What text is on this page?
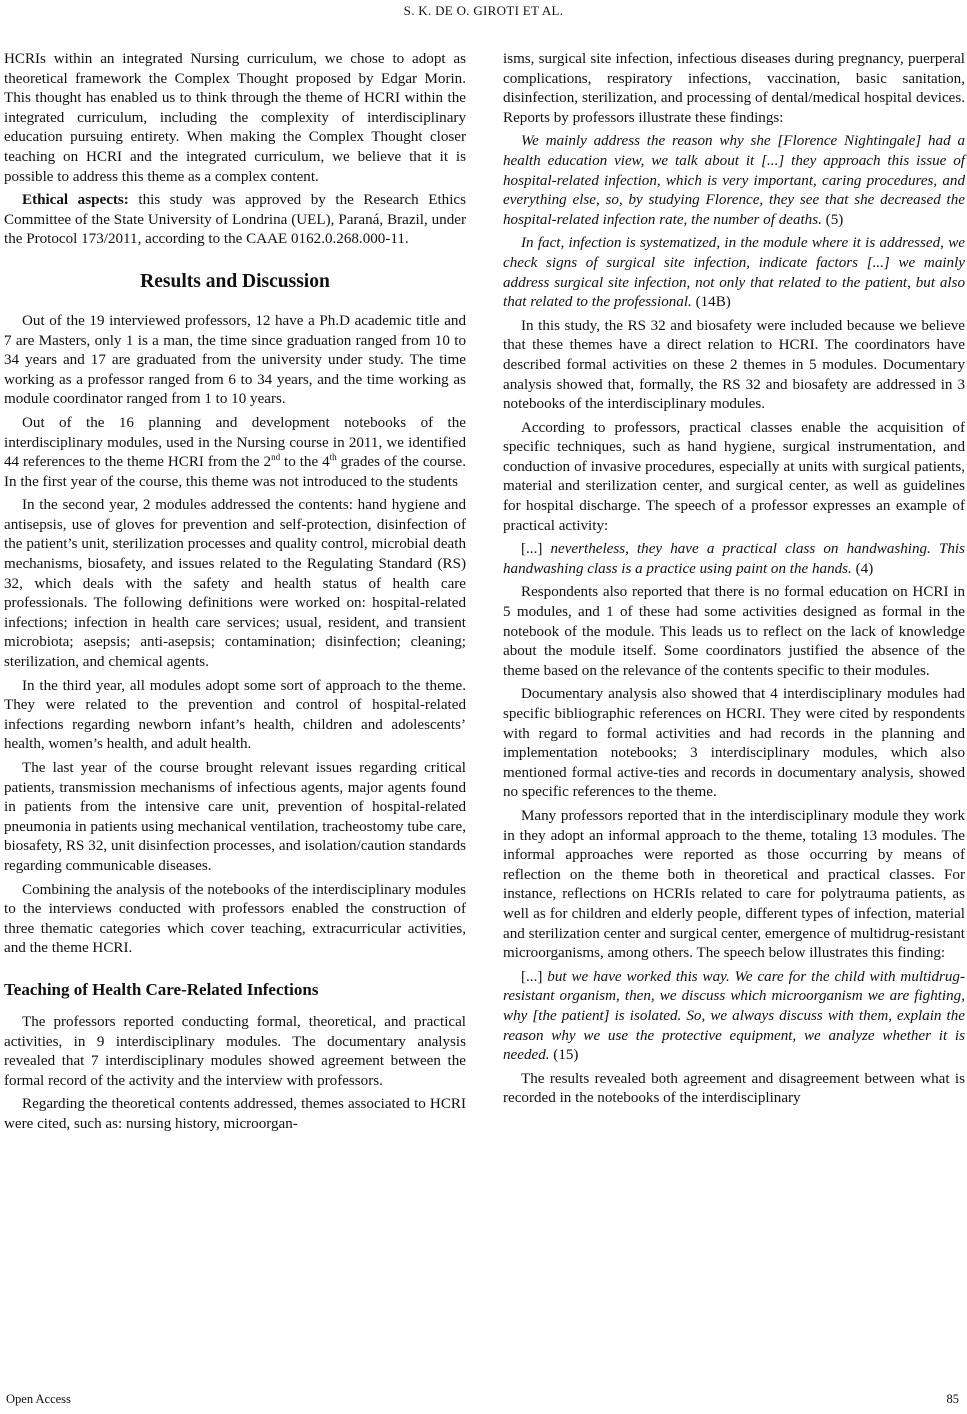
S. K. DE O. GIROTI ET AL.

HCRIs within an integrated Nursing curriculum, we chose to adopt as theoretical framework the Complex Thought proposed by Edgar Morin. This thought has enabled us to think through the theme of HCRI within the integrated curriculum, including the complexity of interdisciplinary education pursuing entirety. When making the Complex Thought closer teaching on HCRI and the integrated curriculum, we believe that it is possible to address this theme as a complex content.

Ethical aspects: this study was approved by the Research Ethics Committee of the State University of Londrina (UEL), Paraná, Brazil, under the Protocol 173/2011, according to the CAAE 0162.0.268.000-11.

Results and Discussion

Out of the 19 interviewed professors, 12 have a Ph.D academic title and 7 are Masters, only 1 is a man, the time since graduation ranged from 10 to 34 years and 17 are graduated from the university under study. The time working as a professor ranged from 6 to 34 years, and the time working as module coordinator ranged from 1 to 10 years.

Out of the 16 planning and development notebooks of the interdisciplinary modules, used in the Nursing course in 2011, we identified 44 references to the theme HCRI from the 2nd to the 4th grades of the course. In the first year of the course, this theme was not introduced to the students

In the second year, 2 modules addressed the contents: hand hygiene and antisepsis, use of gloves for prevention and self-protection, disinfection of the patient’s unit, sterilization processes and quality control, microbial death mechanisms, biosafety, and issues related to the Regulating Standard (RS) 32, which deals with the safety and health status of health care professionals. The following definitions were worked on: hospital-related infections; infection in health care services; usual, resident, and transient microbiota; asepsis; anti-asepsis; contamination; disinfection; cleaning; sterilization, and chemical agents.

In the third year, all modules adopt some sort of approach to the theme. They were related to the prevention and control of hospital-related infections regarding newborn infant’s health, children and adolescents’ health, women’s health, and adult health.

The last year of the course brought relevant issues regarding critical patients, transmission mechanisms of infectious agents, major agents found in patients from the intensive care unit, prevention of hospital-related pneumonia in patients using mechanical ventilation, tracheostomy tube care, biosafety, RS 32, unit disinfection processes, and isolation/caution standards regarding communicable diseases.

Combining the analysis of the notebooks of the interdisciplinary modules to the interviews conducted with professors enabled the construction of three thematic categories which cover teaching, extracurricular activities, and the theme HCRI.

Teaching of Health Care-Related Infections

The professors reported conducting formal, theoretical, and practical activities, in 9 interdisciplinary modules. The documentary analysis revealed that 7 interdisciplinary modules showed agreement between the formal record of the activity and the interview with professors.

Regarding the theoretical contents addressed, themes associated to HCRI were cited, such as: nursing history, microorgan-

isms, surgical site infection, infectious diseases during pregnancy, puerperal complications, respiratory infections, vaccination, basic sanitation, disinfection, sterilization, and processing of dental/medical hospital devices. Reports by professors illustrate these findings:

We mainly address the reason why she [Florence Nightingale] had a health education view, we talk about it [...] they approach this issue of hospital-related infection, which is very important, caring procedures, and everything else, so, by studying Florence, they see that she decreased the hospital-related infection rate, the number of deaths. (5)

In fact, infection is systematized, in the module where it is addressed, we check signs of surgical site infection, indicate factors [...] we mainly address surgical site infection, not only that related to the patient, but also that related to the professional. (14B)

In this study, the RS 32 and biosafety were included because we believe that these themes have a direct relation to HCRI. The coordinators have described formal activities on these 2 themes in 5 modules. Documentary analysis showed that, formally, the RS 32 and biosafety are addressed in 3 notebooks of the interdisciplinary modules.

According to professors, practical classes enable the acquisition of specific techniques, such as hand hygiene, surgical instrumentation, and conduction of invasive procedures, especially at units with surgical patients, material and sterilization center, and surgical center, as well as guidelines for hospital discharge. The speech of a professor expresses an example of practical activity:

[...] nevertheless, they have a practical class on handwashing. This handwashing class is a practice using paint on the hands. (4)

Respondents also reported that there is no formal education on HCRI in 5 modules, and 1 of these had some activities designed as formal in the notebook of the module. This leads us to reflect on the lack of knowledge about the module itself. Some coordinators justified the absence of the theme based on the relevance of the contents specific to their modules.

Documentary analysis also showed that 4 interdisciplinary modules had specific bibliographic references on HCRI. They were cited by respondents with regard to formal activities and had records in the planning and implementation notebooks; 3 interdisciplinary modules, which also mentioned formal active-ties and records in documentary analysis, showed no specific references to the theme.

Many professors reported that in the interdisciplinary module they work in they adopt an informal approach to the theme, totaling 13 modules. The informal approaches were reported as those occurring by means of reflection on the theme both in theoretical and practical classes. For instance, reflections on HCRIs related to care for polytrauma patients, as well as for children and elderly people, different types of infection, material and sterilization center and surgical center, emergence of multidrug-resistant microorganisms, among others. The speech below illustrates this finding:

[...] but we have worked this way. We care for the child with multidrug-resistant organism, then, we discuss which microorganism we are fighting, why [the patient] is isolated. So, we always discuss with them, explain the reason why we use the protective equipment, we analyze whether it is needed. (15)

The results revealed both agreement and disagreement between what is recorded in the notebooks of the interdisciplinary

Open Access	85
